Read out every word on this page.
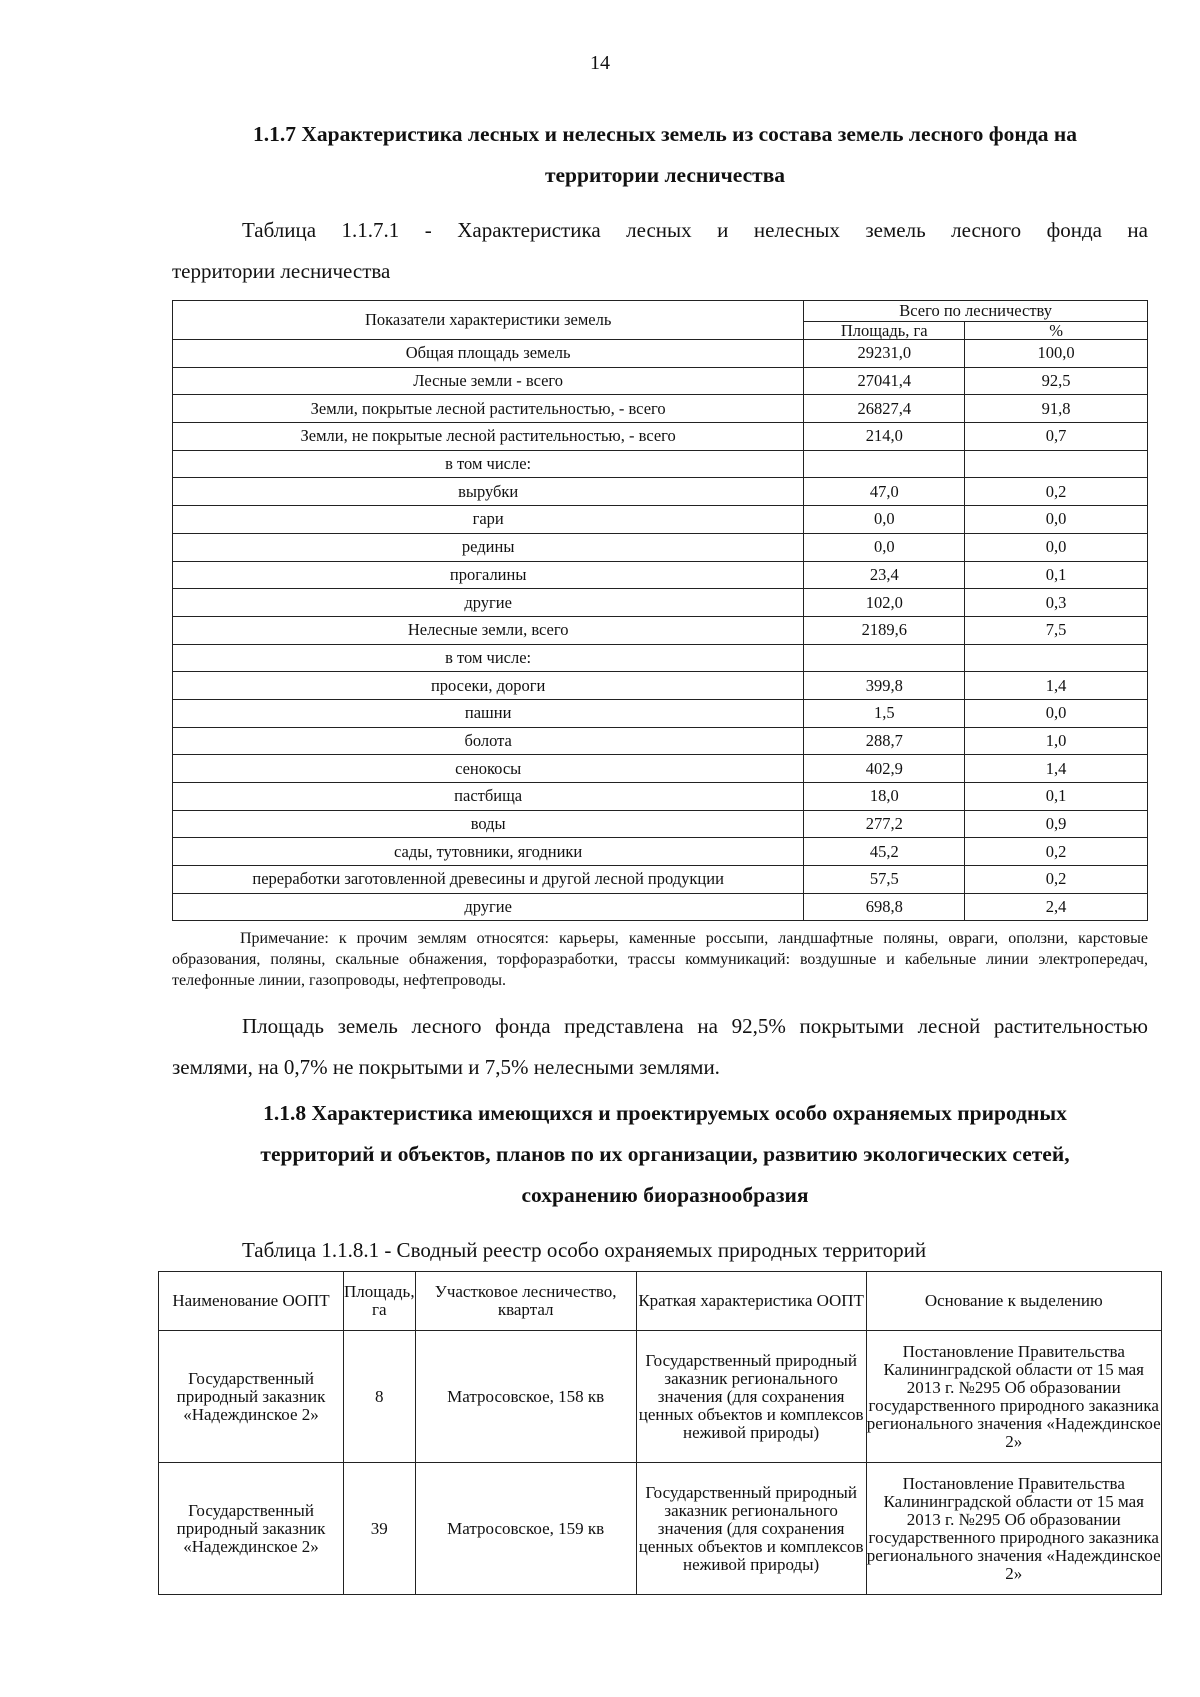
14
1.1.7 Характеристика лесных и нелесных земель из состава земель лесного фонда на
территории лесничества
Таблица 1.1.7.1 - Характеристика лесных и нелесных земель лесного фонда на
территории лесничества
Показатели характеристики земель	Всего по лесничеству	
	Площадь, га	%
Общая площадь земель	29231,0	100,0
Лесные земли - всего	27041,4	92,5
Земли, покрытые лесной растительностью, - всего	26827,4	91,8
Земли, не покрытые лесной растительностью, - всего	214,0	0,7
в том числе:		
вырубки	47,0	0,2
гари	0,0	0,0
редины	0,0	0,0
прогалины	23,4	0,1
другие	102,0	0,3
Нелесные земли, всего	2189,6	7,5
в том числе:		
просеки, дороги	399,8	1,4
пашни	1,5	0,0
болота	288,7	1,0
сенокосы	402,9	1,4
пастбища	18,0	0,1
воды	277,2	0,9
сады, тутовники, ягодники	45,2	0,2
переработки заготовленной древесины и другой лесной продукции	57,5	0,2
другие	698,8	2,4
Примечание: к прочим землям относятся: карьеры, каменные россыпи, ландшафтные поляны, овраги, оползни, карстовые образования, поляны, скальные обнажения, торфоразработки, трассы коммуникаций: воздушные и кабельные линии электропередач, телефонные линии, газопроводы, нефтепроводы.
Площадь земель лесного фонда представлена на 92,5% покрытыми лесной растительностью землями, на 0,7% не покрытыми и 7,5% нелесными землями.
1.1.8 Характеристика имеющихся и проектируемых особо охраняемых природных
территорий и объектов, планов по их организации, развитию экологических сетей,
сохранению биоразнообразия
Таблица 1.1.8.1 - Сводный реестр особо охраняемых природных территорий
Наименование ООПТ	Площадь, га	Участковое лесничество, квартал	Краткая характеристика ООПТ	Основание к выделению
Государственный природный заказник «Надеждинское 2»	8	Матросовское, 158 кв	Государственный природный заказник регионального значения (для сохранения ценных объектов и комплексов неживой природы)	Постановление Правительства Калининградской области от 15 мая 2013 г. №295 Об образовании государственного природного заказника регионального значения «Надеждинское 2»
Государственный природный заказник «Надеждинское 2»	39	Матросовское, 159 кв	Государственный природный заказник регионального значения (для сохранения ценных объектов и комплексов неживой природы)	Постановление Правительства Калининградской области от 15 мая 2013 г. №295 Об образовании государственного природного заказника регионального значения «Надеждинское 2»
